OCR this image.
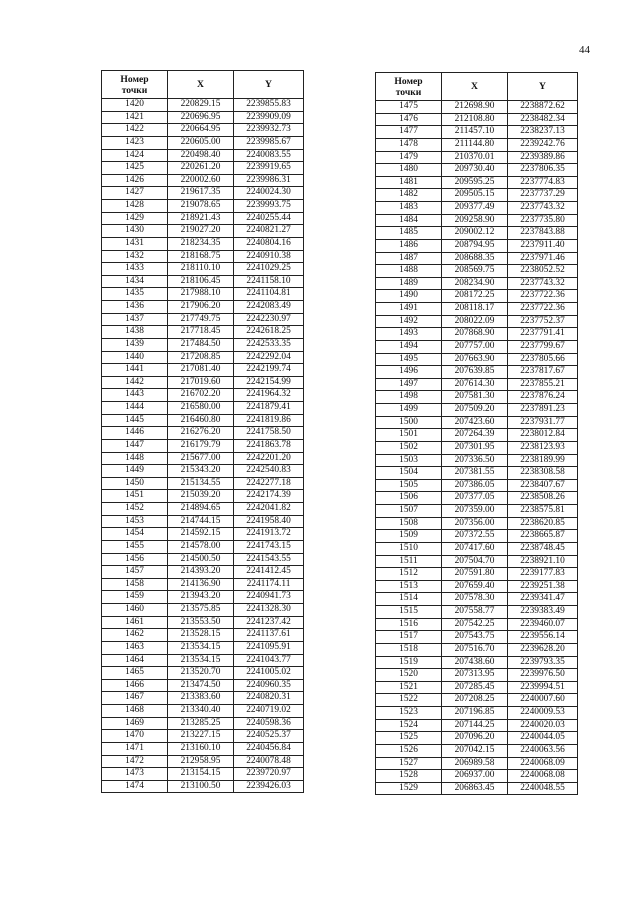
44
Номер
точки	X	Y
1420	220829.15	2239855.83
1421	220696.95	2239909.09
1422	220664.95	2239932.73
1423	220605.00	2239985.67
1424	220498.40	2240083.55
1425	220261.20	2239919.65
1426	220002.60	2239986.31
1427	219617.35	2240024.30
1428	219078.65	2239993.75
1429	218921.43	2240255.44
1430	219027.20	2240821.27
1431	218234.35	2240804.16
1432	218168.75	2240910.38
1433	218110.10	2241029.25
1434	218106.45	2241158.10
1435	217988.10	2241104.81
1436	217906.20	2242083.49
1437	217749.75	2242230.97
1438	217718.45	2242618.25
1439	217484.50	2242533.35
1440	217208.85	2242292.04
1441	217081.40	2242199.74
1442	217019.60	2242154.99
1443	216702.20	2241964.32
1444	216580.00	2241879.41
1445	216460.80	2241819.86
1446	216276.20	2241758.50
1447	216179.79	2241863.78
1448	215677.00	2242201.20
1449	215343.20	2242540.83
1450	215134.55	2242277.18
1451	215039.20	2242174.39
1452	214894.65	2242041.82
1453	214744.15	2241958.40
1454	214592.15	2241913.72
1455	214578.00	2241743.15
1456	214500.50	2241543.55
1457	214393.20	2241412.45
1458	214136.90	2241174.11
1459	213943.20	2240941.73
1460	213575.85	2241328.30
1461	213553.50	2241237.42
1462	213528.15	2241137.61
1463	213534.15	2241095.91
1464	213534.15	2241043.77
1465	213520.70	2241005.02
1466	213474.50	2240960.35
1467	213383.60	2240820.31
1468	213340.40	2240719.02
1469	213285.25	2240598.36
1470	213227.15	2240525.37
1471	213160.10	2240456.84
1472	212958.95	2240078.48
1473	213154.15	2239720.97
1474	213100.50	2239426.03
Номер
точки	X	Y
1475	212698.90	2238872.62
1476	212108.80	2238482.34
1477	211457.10	2238237.13
1478	211144.80	2239242.76
1479	210370.01	2239389.86
1480	209730.40	2237806.35
1481	209595.25	2237774.83
1482	209505.15	2237737.29
1483	209377.49	2237743.32
1484	209258.90	2237735.80
1485	209002.12	2237843.88
1486	208794.95	2237911.40
1487	208688.35	2237971.46
1488	208569.75	2238052.52
1489	208234.90	2237743.32
1490	208172.25	2237722.36
1491	208118.17	2237722.36
1492	208022.09	2237752.37
1493	207868.90	2237791.41
1494	207757.00	2237799.67
1495	207663.90	2237805.66
1496	207639.85	2237817.67
1497	207614.30	2237855.21
1498	207581.30	2237876.24
1499	207509.20	2237891.23
1500	207423.60	2237931.77
1501	207264.39	2238012.84
1502	207301.95	2238123.93
1503	207336.50	2238189.99
1504	207381.55	2238308.58
1505	207386.05	2238407.67
1506	207377.05	2238508.26
1507	207359.00	2238575.81
1508	207356.00	2238620.85
1509	207372.55	2238665.87
1510	207417.60	2238748.45
1511	207504.70	2238921.10
1512	207591.80	2239177.83
1513	207659.40	2239251.38
1514	207578.30	2239341.47
1515	207558.77	2239383.49
1516	207542.25	2239460.07
1517	207543.75	2239556.14
1518	207516.70	2239628.20
1519	207438.60	2239793.35
1520	207313.95	2239976.50
1521	207285.45	2239994.51
1522	207208.25	2240007.60
1523	207196.85	2240009.53
1524	207144.25	2240020.03
1525	207096.20	2240044.05
1526	207042.15	2240063.56
1527	206989.58	2240068.09
1528	206937.00	2240068.08
1529	206863.45	2240048.55
